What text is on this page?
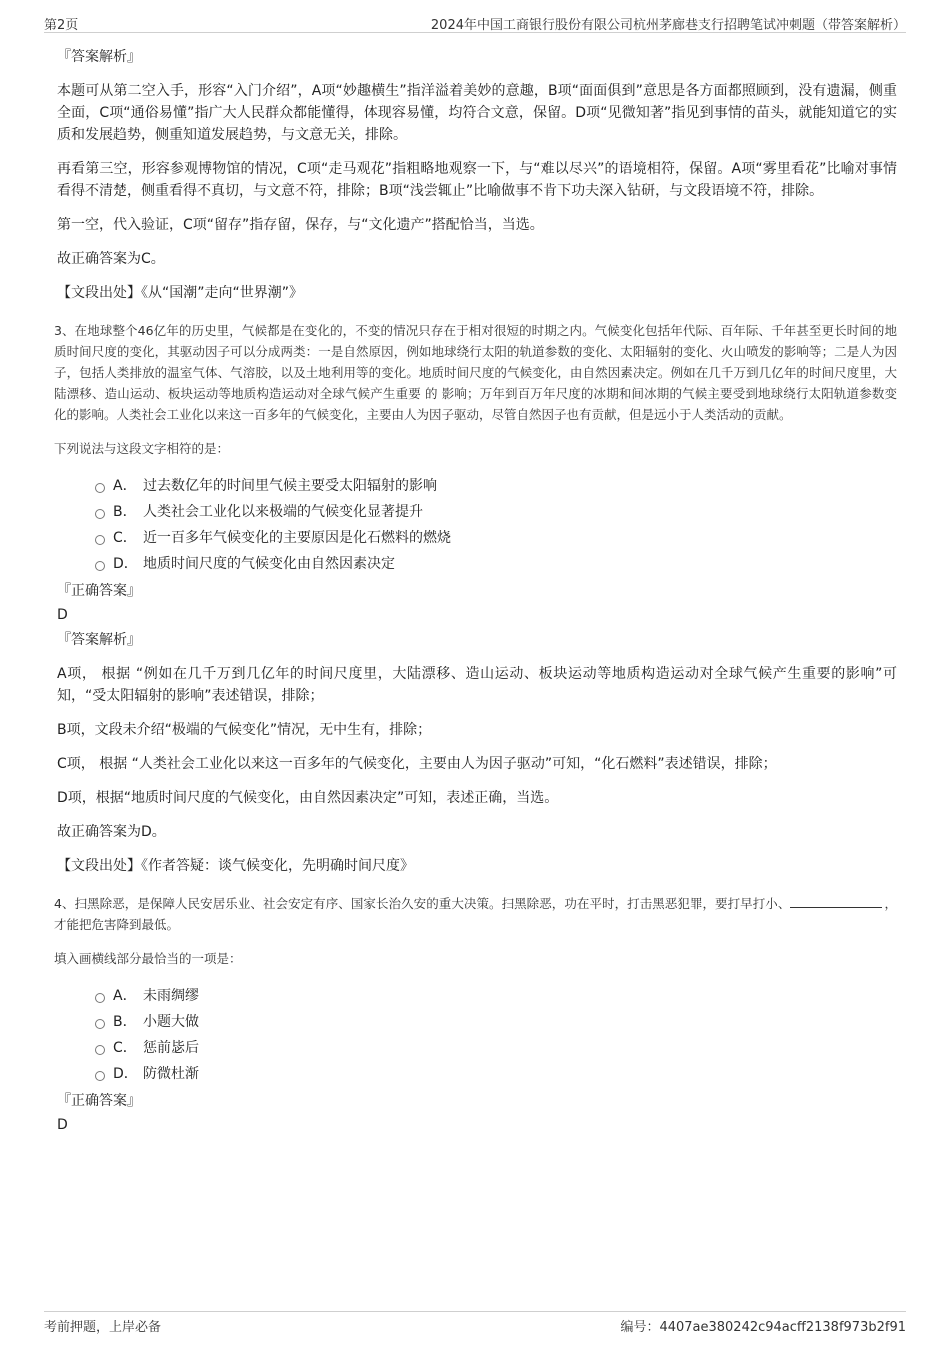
第2页	2024年中国工商银行股份有限公司杭州茅廊巷支行招聘笔试冲刺题（带答案解析）

『答案解析』

本题可从第二空入手，形容“入门介绍”，A项“妙趣横生”指洋溢着美妙的意趣，B项“面面俱到”意思是各方面都照顾到，没有遗漏，侧重全面，C项“通俗易懂”指广大人民群众都能懂得，体现容易懂，均符合文意，保留。D项“见微知著”指见到事情的苗头，就能知道它的实质和发展趋势，侧重知道发展趋势，与文意无关，排除。

再看第三空，形容参观博物馆的情况，C项“走马观花”指粗略地观察一下，与“难以尽兴”的语境相符，保留。A项“雾里看花”比喻对事情看得不清楚，侧重看得不真切，与文意不符，排除；B项“浅尝辄止”比喻做事不肯下功夫深入钻研，与文段语境不符，排除。

第一空，代入验证，C项“留存”指存留，保存，与“文化遗产”搭配恰当，当选。

故正确答案为C。

【文段出处】《从“国潮”走向“世界潮”》

3、在地球整个46亿年的历史里，气候都是在变化的，不变的情况只存在于相对很短的时期之内。气候变化包括年代际、百年际、千年甚至更长时间的地质时间尺度的变化，其驱动因子可以分成两类：一是自然原因，例如地球绕行太阳的轨道参数的变化、太阳辐射的变化、火山喷发的影响等；二是人为因子，包括人类排放的温室气体、气溶胶，以及土地利用等的变化。地质时间尺度的气候变化，由自然因素决定。例如在几千万到几亿年的时间尺度里，大陆漂移、造山运动、板块运动等地质构造运动对全球气候产生重要 的 影响；万年到百万年尺度的冰期和间冰期的气候主要受到地球绕行太阳轨道参数变化的影响。人类社会工业化以来这一百多年的气候变化，主要由人为因子驱动，尽管自然因子也有贡献，但是远小于人类活动的贡献。

下列说法与这段文字相符的是：

A． 过去数亿年的时间里气候主要受太阳辐射的影响
B． 人类社会工业化以来极端的气候变化显著提升
C． 近一百多年气候变化的主要原因是化石燃料的燃烧
D． 地质时间尺度的气候变化由自然因素决定

『正确答案』

D

『答案解析』

A项， 根据 “例如在几千万到几亿年的时间尺度里，大陆漂移、造山运动、板块运动等地质构造运动对全球气候产生重要的影响”可知，“受太阳辐射的影响”表述错误，排除；

B项，文段未介绍“极端的气候变化”情况，无中生有，排除；

C项， 根据 “人类社会工业化以来这一百多年的气候变化，主要由人为因子驱动”可知，“化石燃料”表述错误，排除；

D项，根据“地质时间尺度的气候变化，由自然因素决定”可知，表述正确，当选。

故正确答案为D。

【文段出处】《作者答疑：谈气候变化，先明确时间尺度》

4、扫黑除恶，是保障人民安居乐业、社会安定有序、国家长治久安的重大决策。扫黑除恶，功在平时，打击黑恶犯罪，要打早打小、	，才能把危害降到最低。

填入画横线部分最恰当的一项是：

A． 未雨绸缪
B． 小题大做
C． 惩前毖后
D． 防微杜渐

『正确答案』

D

考前押题，上岸必备	编号：4407ae380242c94acff2138f973b2f91
